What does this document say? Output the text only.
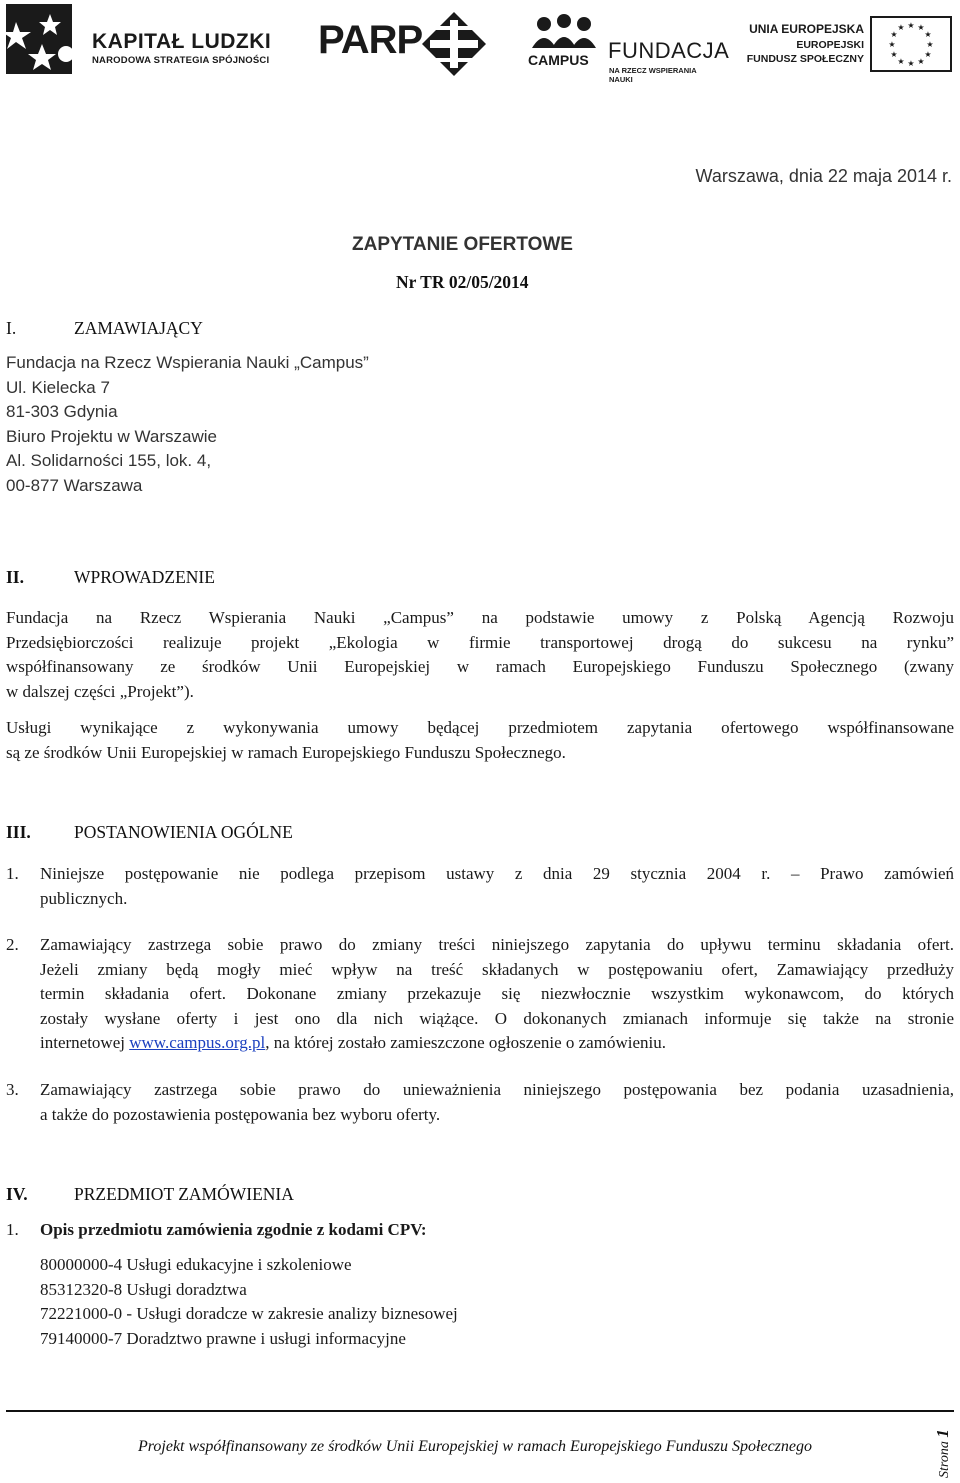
KAPITAŁ LUDZKI
NARODOWA STRATEGIA SPÓJNOŚCI PARP	CAMPUS FUNDACJA
NA RZECZ WSPIERANIA NAUKI
UNIA EUROPEJSKA
EUROPEJSKI
FUNDUSZ SPOŁECZNY
★ ★
★
★
★
★
★
★
★
★
★
★
Warszawa, dnia 22 maja 2014 r.
ZAPYTANIE OFERTOWE
Nr TR 02/05/2014
I.	ZAMAWIAJĄCY
Fundacja na Rzecz Wspierania Nauki „Campus”
Ul. Kielecka 7
81-303 Gdynia
Biuro Projektu w Warszawie
Al. Solidarności 155, lok. 4,
00-877 Warszawa
II.	WPROWADZENIE
Fundacja na Rzecz Wspierania Nauki „Campus” na podstawie umowy z Polską Agencją Rozwoju
Przedsiębiorczości realizuje projekt „Ekologia w firmie transportowej drogą do sukcesu na rynku”
współfinansowany ze środków Unii Europejskiej w ramach Europejskiego Funduszu Społecznego (zwany
w dalszej części „Projekt”).
Usługi wynikające z wykonywania umowy będącej przedmiotem zapytania ofertowego współfinansowane
są ze środków Unii Europejskiej w ramach Europejskiego Funduszu Społecznego.
III. POSTANOWIENIA OGÓLNE
1. Niniejsze postępowanie nie podlega przepisom ustawy z dnia 29 stycznia 2004 r. – Prawo zamówień
publicznych.
2. Zamawiający zastrzega sobie prawo do zmiany treści niniejszego zapytania do upływu terminu składania ofert.
Jeżeli zmiany będą mogły mieć wpływ na treść składanych w postępowaniu ofert, Zamawiający przedłuży
termin składania ofert. Dokonane zmiany przekazuje się niezwłocznie wszystkim wykonawcom, do których
zostały wysłane oferty i jest ono dla nich wiążące. O dokonanych zmianach informuje się także na stronie
internetowej www.campus.org.pl, na której zostało zamieszczone ogłoszenie o zamówieniu.
3. Zamawiający zastrzega sobie prawo do unieważnienia niniejszego postępowania bez podania uzasadnienia,
a także do pozostawienia postępowania bez wyboru oferty.
IV.	PRZEDMIOT ZAMÓWIENIA
1. Opis przedmiotu zamówienia zgodnie z kodami CPV:
80000000-4 Usługi edukacyjne i szkoleniowe
85312320-8 Usługi doradztwa
72221000-0 - Usługi doradcze w zakresie analizy biznesowej
79140000-7 Doradztwo prawne i usługi informacyjne
Projekt współfinansowany ze środków Unii Europejskiej w ramach Europejskiego Funduszu Społecznego	Strona 1
